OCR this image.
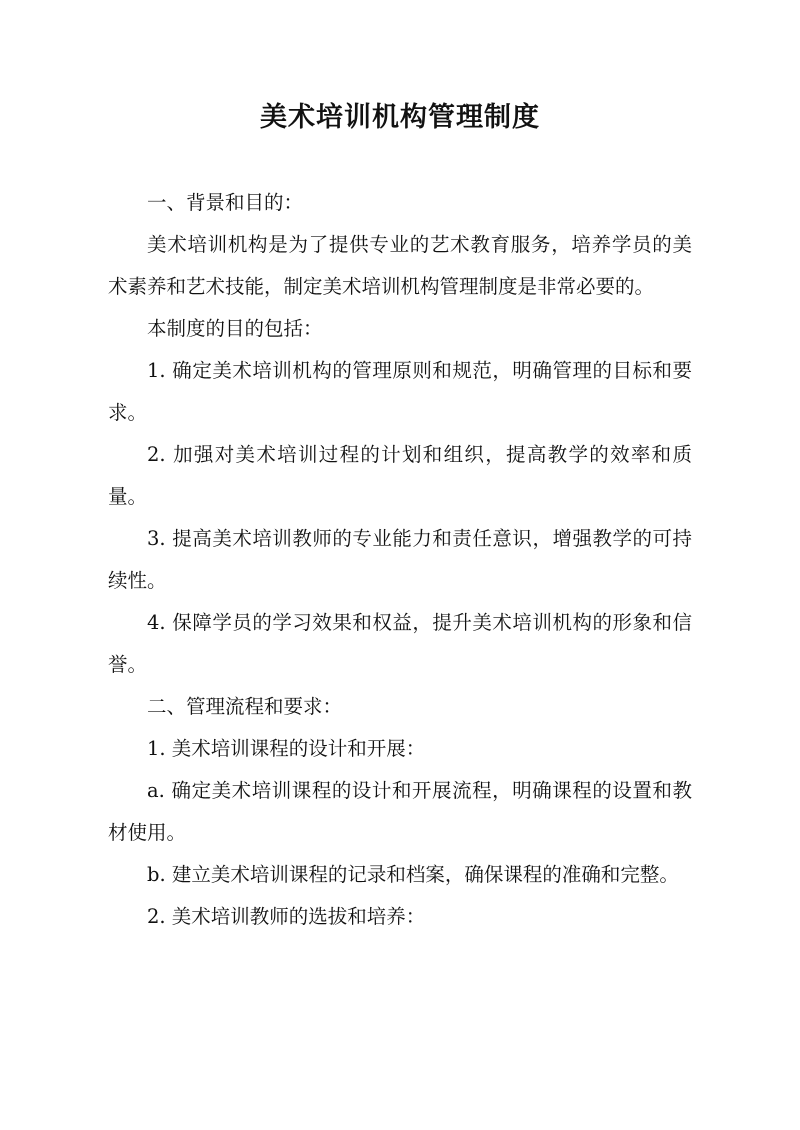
美术培训机构管理制度

一、背景和目的：

美术培训机构是为了提供专业的艺术教育服务，培养学员的美术素养和艺术技能，制定美术培训机构管理制度是非常必要的。

本制度的目的包括：

1. 确定美术培训机构的管理原则和规范，明确管理的目标和要求。

2. 加强对美术培训过程的计划和组织，提高教学的效率和质量。

3. 提高美术培训教师的专业能力和责任意识，增强教学的可持续性。

4. 保障学员的学习效果和权益，提升美术培训机构的形象和信誉。

二、管理流程和要求：

1. 美术培训课程的设计和开展：

a. 确定美术培训课程的设计和开展流程，明确课程的设置和教材使用。

b. 建立美术培训课程的记录和档案，确保课程的准确和完整。

2. 美术培训教师的选拔和培养：
